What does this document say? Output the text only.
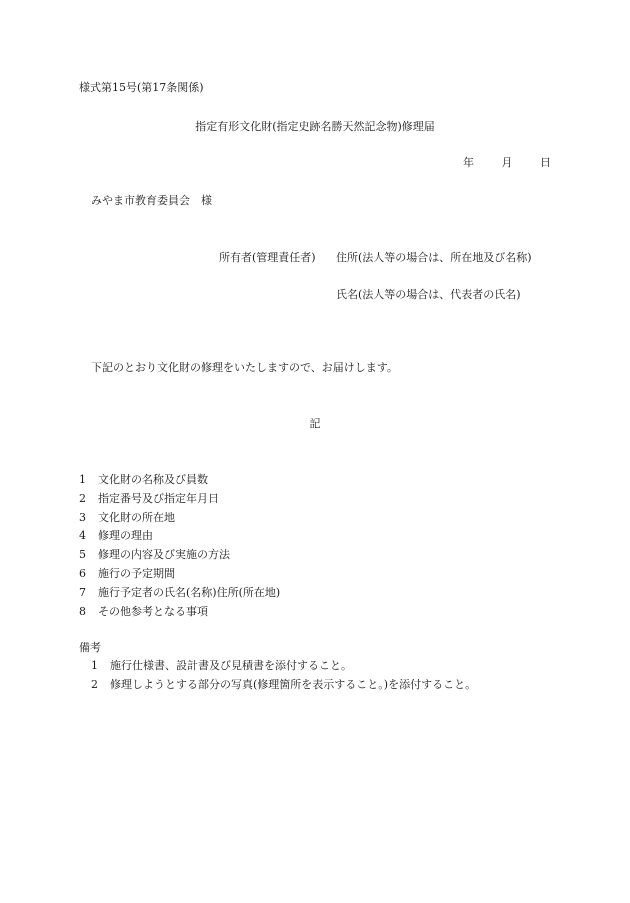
様式第15号(第17条関係)
指定有形文化財(指定史跡名勝天然記念物)修理届
年	月	日
みやま市教育委員会　様
所有者(管理責任者) 住所(法人等の場合は、所在地及び名称)
氏名(法人等の場合は、代表者の氏名)
下記のとおり文化財の修理をいたしますので、お届けします。
記
1 文化財の名称及び員数
2 指定番号及び指定年月日
3 文化財の所在地
4 修理の理由
5 修理の内容及び実施の方法
6 施行の予定期間
7 施行予定者の氏名(名称)住所(所在地)
8 その他参考となる事項
備考
1 施行仕様書、設計書及び見積書を添付すること。
2 修理しようとする部分の写真(修理箇所を表示すること。)を添付すること。
